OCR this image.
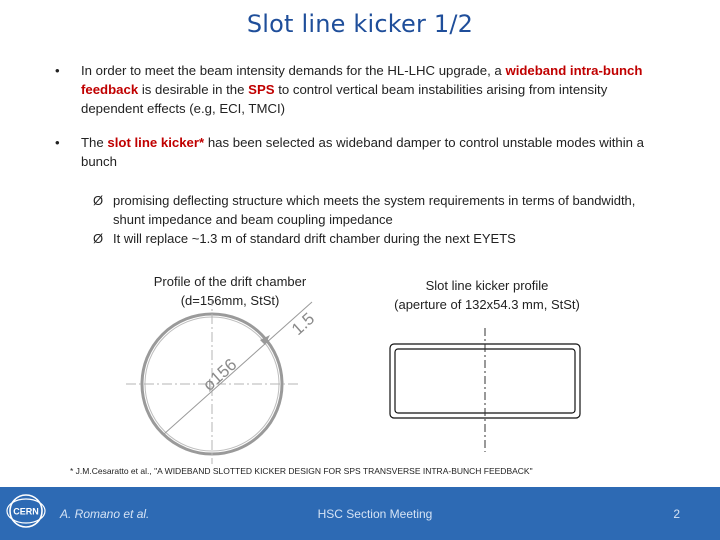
Slot line kicker 1/2
• In order to meet the beam intensity demands for the HL-LHC upgrade, a wideband intra-bunch feedback is desirable in the SPS to control vertical beam instabilities arising from intensity dependent effects (e.g, ECI, TMCI)
• The slot line kicker* has been selected as wideband damper to control unstable modes within a bunch
Ø promising deflecting structure which meets the system requirements in terms of bandwidth, shunt impedance and beam coupling impedance
Ø It will replace ~1.3 m of standard drift chamber during the next EYETS
Profile of the drift chamber
(d=156mm, StSt)
ø156
1.5
Slot line kicker profile
(aperture of 132x54.3 mm, StSt)
* J.M.Cesaratto et al., "A WIDEBAND SLOTTED KICKER DESIGN FOR SPS TRANSVERSE INTRA-BUNCH FEEDBACK"
CERN A. Romano et al.	HSC Section Meeting	2
